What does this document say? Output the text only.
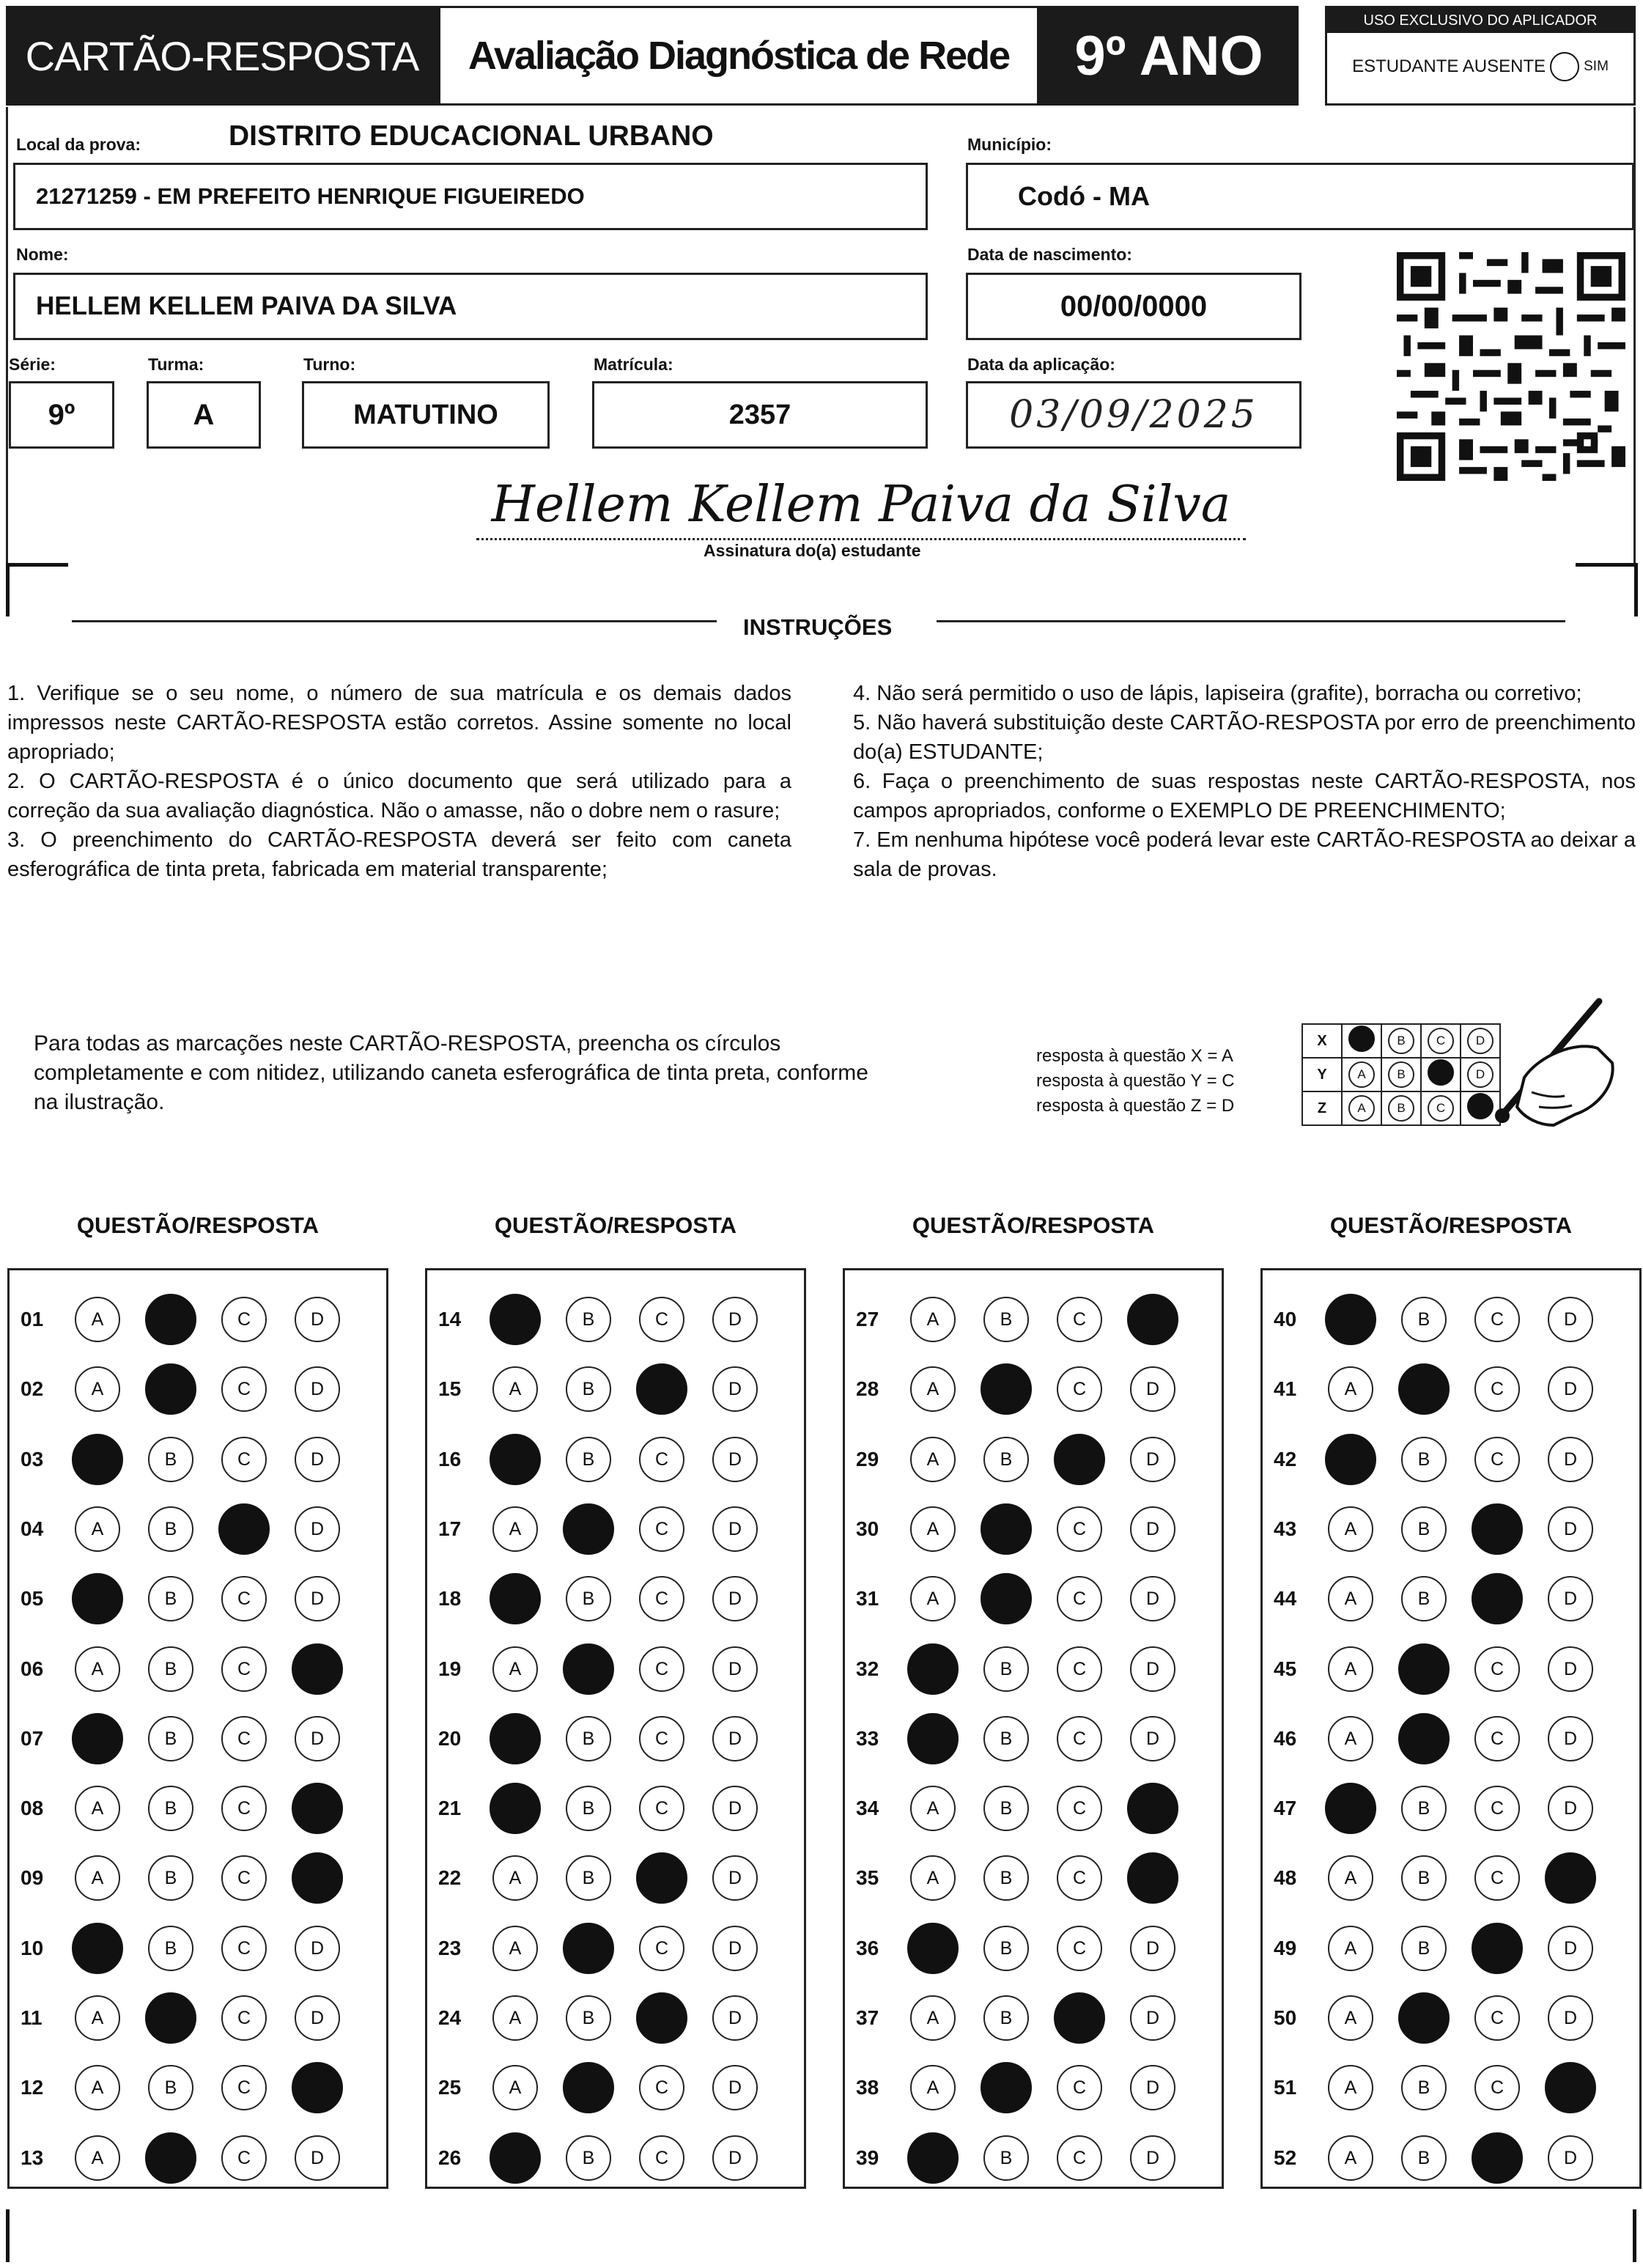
CARTÃO-RESPOSTA Avaliação Diagnóstica de Rede 9º ANO
USO EXCLUSIVO DO APLICADOR
ESTUDANTE AUSENTE	SIM
Local da prova:	DISTRITO EDUCACIONAL URBANO
21271259 - EM PREFEITO HENRIQUE FIGUEIREDO
Município:
Codó - MA
Nome:
HELLEM KELLEM PAIVA DA SILVA
Data de nascimento:
00/00/0000
Série:
9º
Turma:
A
Turno:
MATUTINO
Matrícula:
2357
Data da aplicação:
03/09/2025
Hellem Kellem Paiva da Silva
Assinatura do(a) estudante
INSTRUÇÕES

1. Verifique se o seu nome, o número de sua matrícula e os demais dados impressos neste CARTÃO-RESPOSTA estão corretos. Assine somente no local apropriado;

2. O CARTÃO-RESPOSTA é o único documento que será utilizado para a correção da sua avaliação diagnóstica. Não o amasse, não o dobre nem o rasure;

3. O preenchimento do CARTÃO-RESPOSTA deverá ser feito com caneta esferográfica de tinta preta, fabricada em material transparente;

4. Não será permitido o uso de lápis, lapiseira (grafite), borracha ou corretivo;

5. Não haverá substituição deste CARTÃO-RESPOSTA por erro de preenchimento do(a) ESTUDANTE;

6. Faça o preenchimento de suas respostas neste CARTÃO-RESPOSTA, nos campos apropriados, conforme o EXEMPLO DE PREENCHIMENTO;

7. Em nenhuma hipótese você poderá levar este CARTÃO-RESPOSTA ao deixar a sala de provas.

Para todas as marcações neste CARTÃO-RESPOSTA, preencha os círculos completamente e com nitidez, utilizando caneta esferográfica de tinta preta, conforme na ilustração.
resposta à questão X = A
resposta à questão Y = C
resposta à questão Z = D
X		B	C	D
Y	A	B		D
Z	A	B	C	
QUESTÃO/RESPOSTA
01	A	C	D
02	A	C	D
03	B	C	D
04	A	B	D
05	B	C	D
06	A	B	C
07	B	C	D
08	A	B	C
09	A	B	C
10	B	C	D
11	A	C	D
12	A	B	C
13	A	C	D
QUESTÃO/RESPOSTA
14	B	C	D
15	A	B	D
16	B	C	D
17	A	C	D
18	B	C	D
19	A	C	D
20	B	C	D
21	B	C	D
22	A	B	D
23	A	C	D
24	A	B	D
25	A	C	D
26	B	C	D
QUESTÃO/RESPOSTA
27	A	B	C
28	A	C	D
29	A	B	D
30	A	C	D
31	A	C	D
32	B	C	D
33	B	C	D
34	A	B	C
35	A	B	C
36	B	C	D
37	A	B	D
38	A	C	D
39	B	C	D
QUESTÃO/RESPOSTA
40	B	C	D
41	A	C	D
42	B	C	D
43	A	B	D
44	A	B	D
45	A	C	D
46	A	C	D
47	B	C	D
48	A	B	C
49	A	B	D
50	A	C	D
51	A	B	C
52	A	B	D
